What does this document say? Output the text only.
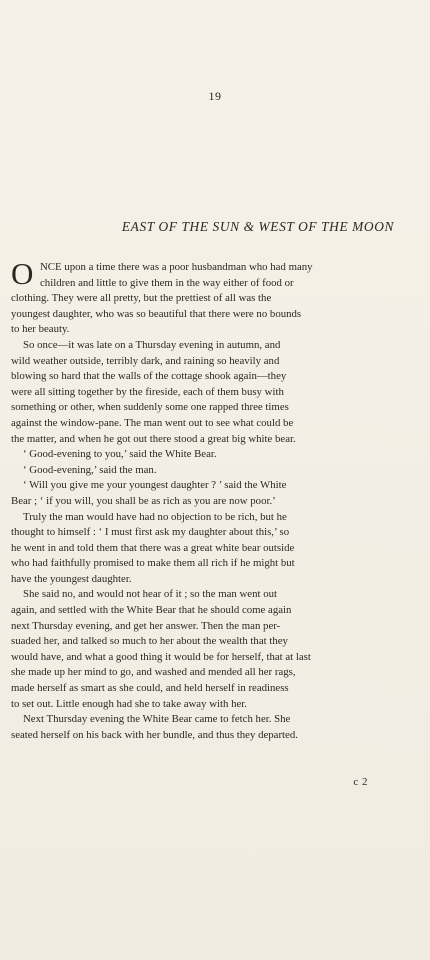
19
EAST OF THE SUN & WEST OF THE MOON
O NCE upon a time there was a poor husbandman who had many
children and little to give them in the way either of food or
clothing. They were all pretty, but the prettiest of all was the
youngest daughter, who was so beautiful that there were no bounds
to her beauty.
So once—it was late on a Thursday evening in autumn, and
wild weather outside, terribly dark, and raining so heavily and
blowing so hard that the walls of the cottage shook again—they
were all sitting together by the fireside, each of them busy with
something or other, when suddenly some one rapped three times
against the window-pane. The man went out to see what could be
the matter, and when he got out there stood a great big white bear.
‘ Good-evening to you,’ said the White Bear.
‘ Good-evening,’ said the man.
‘ Will you give me your youngest daughter ? ’ said the White
Bear ; ‘ if you will, you shall be as rich as you are now poor.’
Truly the man would have had no objection to be rich, but he
thought to himself : ‘ I must first ask my daughter about this,’ so
he went in and told them that there was a great white bear outside
who had faithfully promised to make them all rich if he might but
have the youngest daughter.
She said no, and would not hear of it ; so the man went out
again, and settled with the White Bear that he should come again
next Thursday evening, and get her answer. Then the man per-
suaded her, and talked so much to her about the wealth that they
would have, and what a good thing it would be for herself, that at last
she made up her mind to go, and washed and mended all her rags,
made herself as smart as she could, and held herself in readiness
to set out. Little enough had she to take away with her.
Next Thursday evening the White Bear came to fetch her. She
seated herself on his back with her bundle, and thus they departed.
c 2
